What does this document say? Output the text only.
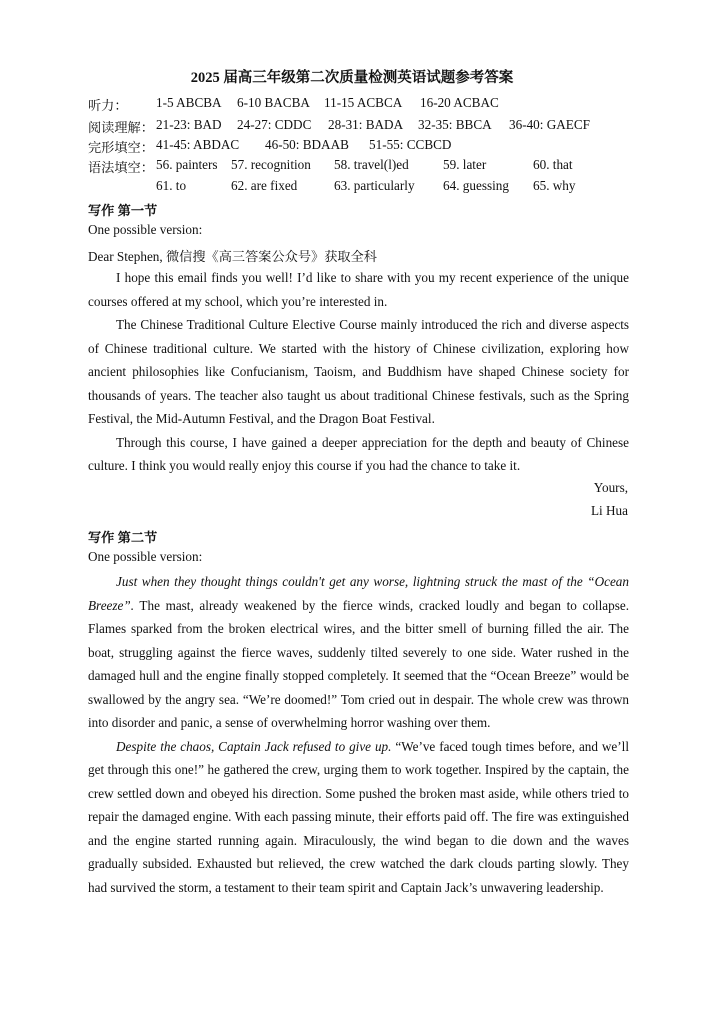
2025 届高三年级第二次质量检测英语试题参考答案
听力： 1-5 ABCBA 6-10 BACBA 11-15 ACBCA 16-20 ACBAC
阅读理解： 21-23: BAD 24-27: CDDC 28-31: BADA 32-35: BBCA 36-40: GAECF
完形填空： 41-45: ABDAC 46-50: BDAAB 51-55: CCBCD
语法填空： 56. painters 57. recognition 58. travel(l)ed	59. later	60. that
61. to	62. are fixed	63. particularly 64. guessing 65. why
写作 第一节
One possible version:
Dear Stephen, 微信搜《高三答案公众号》获取全科

I hope this email finds you well! I’d like to share with you my recent experience of the unique courses offered at my school, which you’re interested in.

The Chinese Traditional Culture Elective Course mainly introduced the rich and diverse aspects of Chinese traditional culture. We started with the history of Chinese civilization, exploring how ancient philosophies like Confucianism, Taoism, and Buddhism have shaped Chinese society for thousands of years. The teacher also taught us about traditional Chinese festivals, such as the Spring Festival, the Mid-Autumn Festival, and the Dragon Boat Festival.

Through this course, I have gained a deeper appreciation for the depth and beauty of Chinese culture. I think you would really enjoy this course if you had the chance to take it.

Yours,
Li Hua
写作 第二节
One possible version:

Just when they thought things couldn't get any worse, lightning struck the mast of the “Ocean Breeze”. The mast, already weakened by the fierce winds, cracked loudly and began to collapse. Flames sparked from the broken electrical wires, and the bitter smell of burning filled the air. The boat, struggling against the fierce waves, suddenly tilted severely to one side. Water rushed in the damaged hull and the engine finally stopped completely. It seemed that the “Ocean Breeze” would be swallowed by the angry sea. “We’re doomed!” Tom cried out in despair. The whole crew was thrown into disorder and panic, a sense of overwhelming horror washing over them.

Despite the chaos, Captain Jack refused to give up. “We’ve faced tough times before, and we’ll get through this one!” he gathered the crew, urging them to work together. Inspired by the captain, the crew settled down and obeyed his direction. Some pushed the broken mast aside, while others tried to repair the damaged engine. With each passing minute, their efforts paid off. The fire was extinguished and the engine started running again. Miraculously, the wind began to die down and the waves gradually subsided. Exhausted but relieved, the crew watched the dark clouds parting slowly. They had survived the storm, a testament to their team spirit and Captain Jack’s unwavering leadership.
